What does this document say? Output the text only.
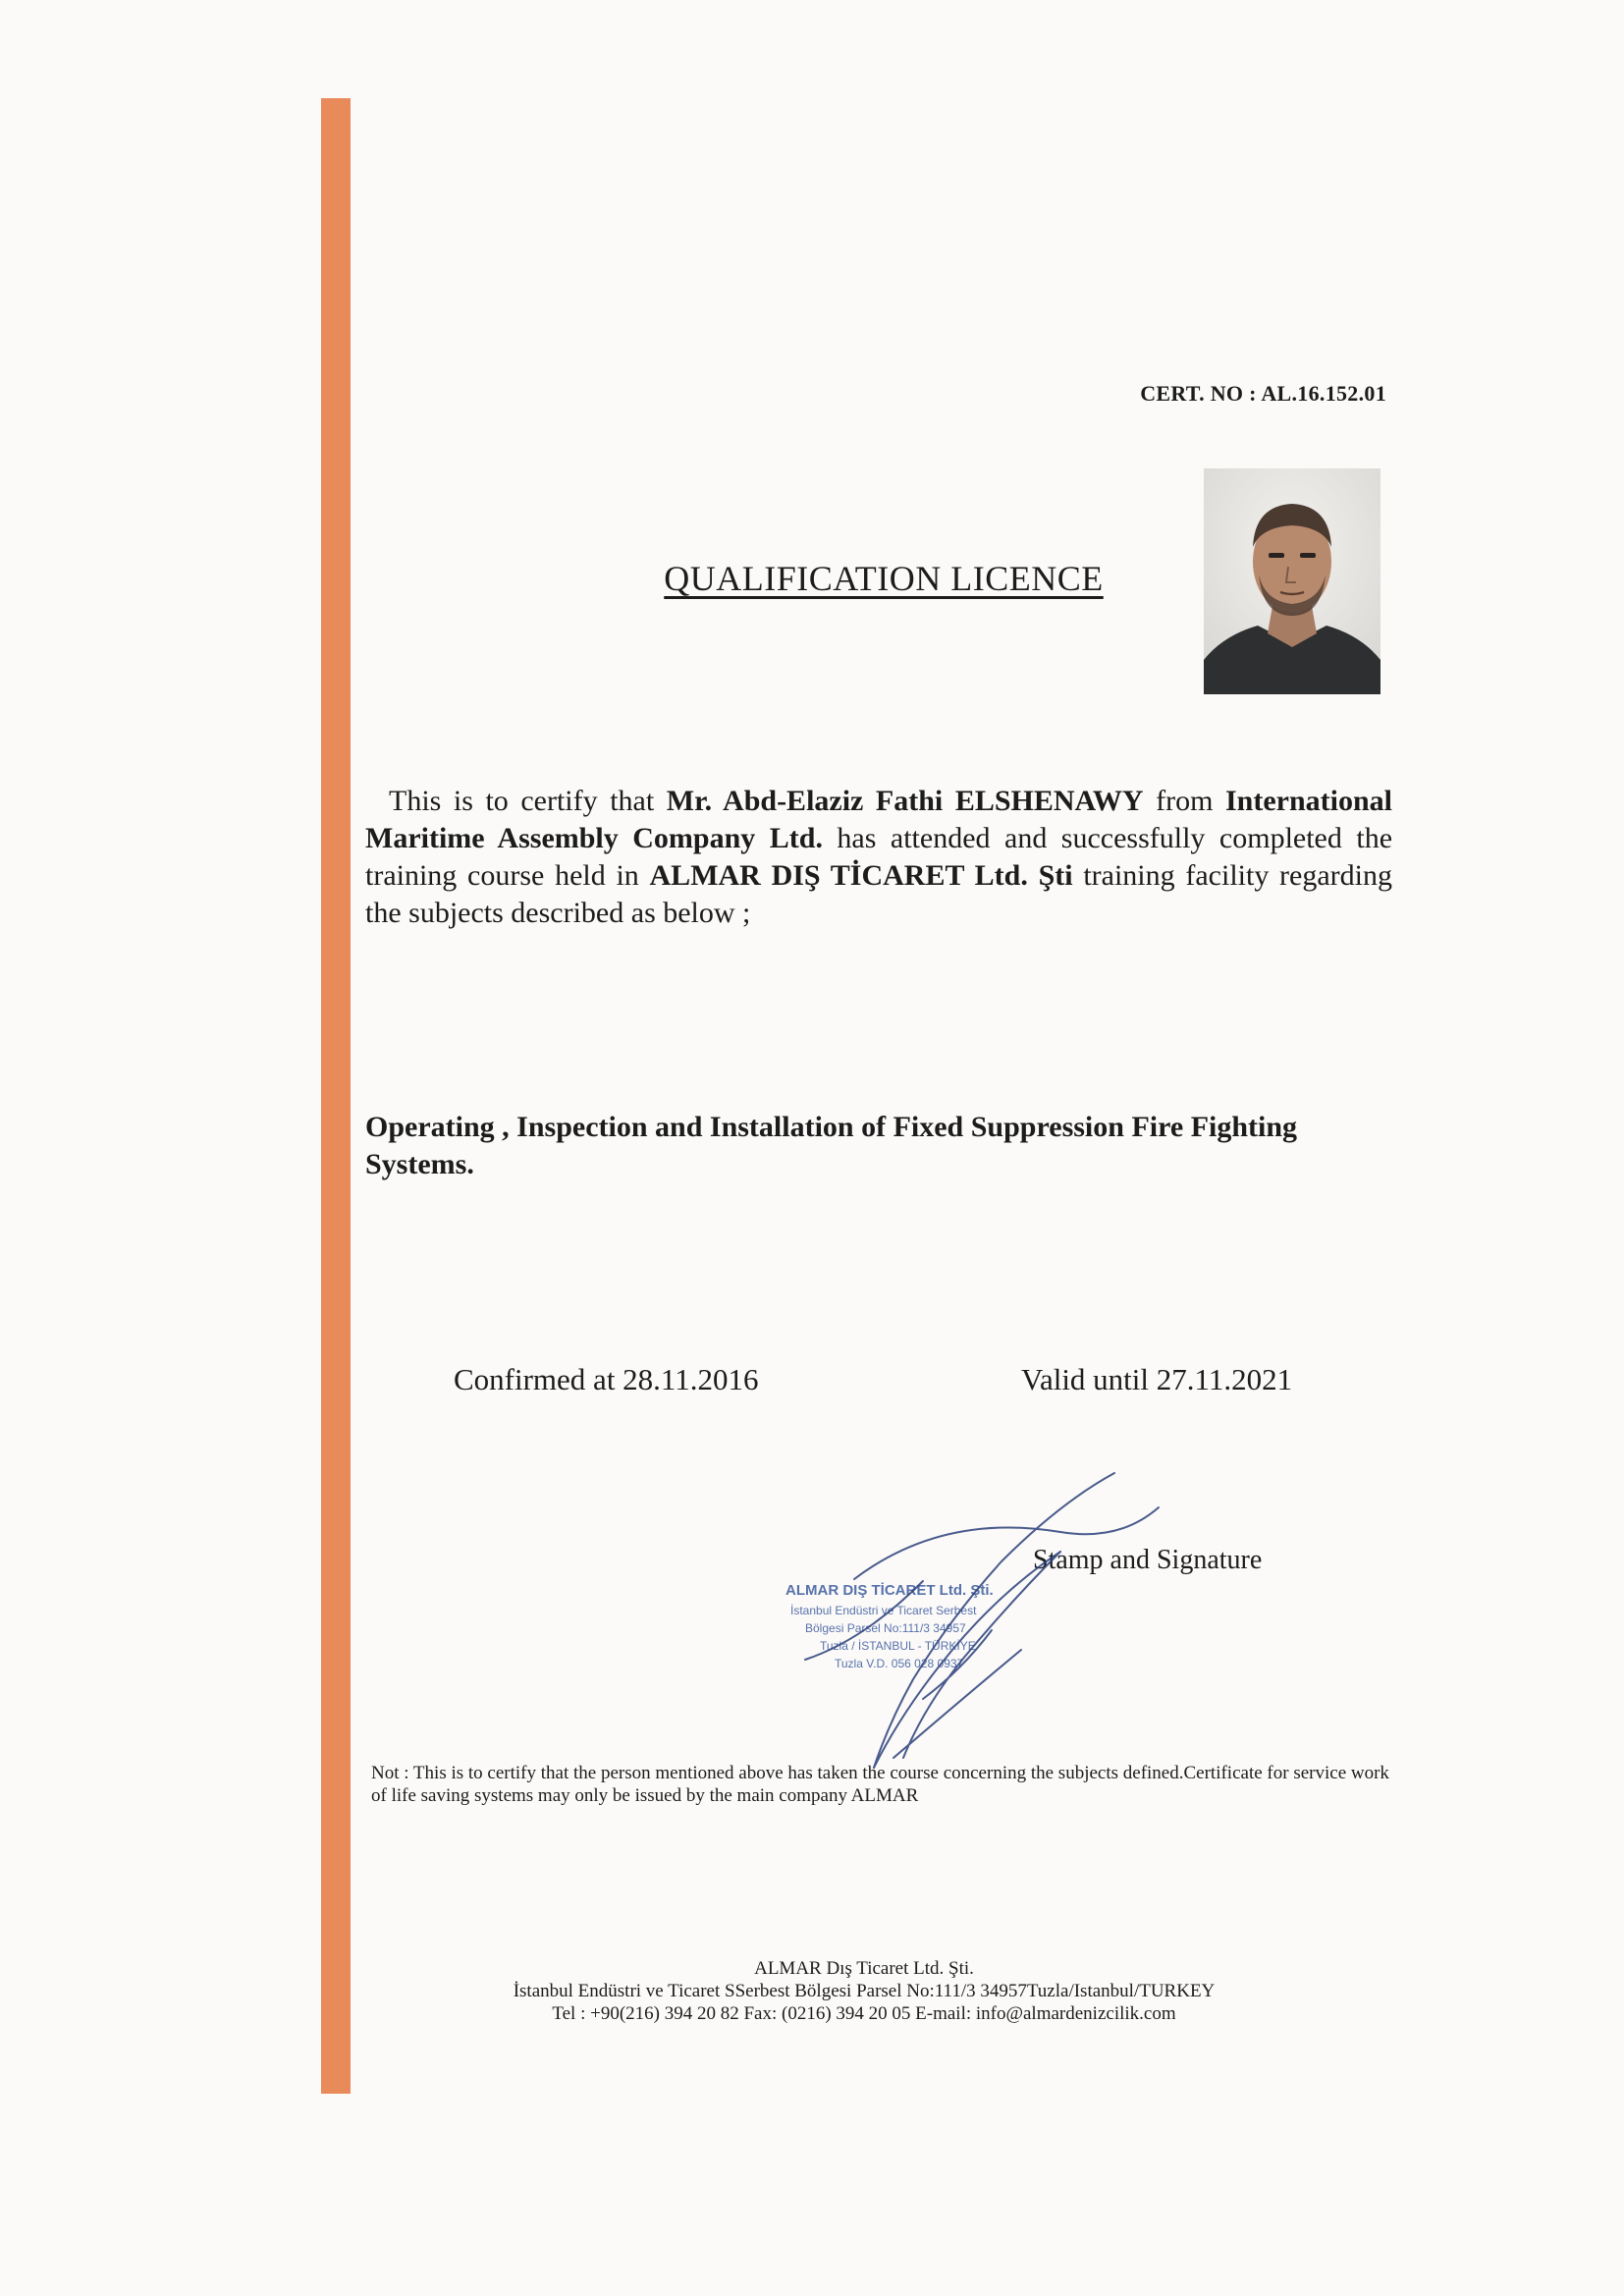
CERT. NO : AL.16.152.01
QUALIFICATION LICENCE
This is to certify that Mr. Abd-Elaziz Fathi ELSHENAWY from International Maritime Assembly Company Ltd. has attended and successfully completed the training course held in ALMAR DIŞ TİCARET Ltd. Şti training facility regarding the subjects described as below ;
Operating , Inspection and Installation of Fixed Suppression Fire Fighting Systems.
Confirmed at 28.11.2016	Valid until 27.11.2021
Stamp and Signature
ALMAR DIŞ TİCARET Ltd. Şti.
İstanbul Endüstri ve Ticaret Serbest
Bölgesi Parsel No:111/3 34957
Tuzla / İSTANBUL - TÜRKİYE
Tuzla V.D. 056 028 0937
Not : This is to certify that the person mentioned above has taken the course concerning the subjects defined.Certificate for service work of life saving systems may only be issued by the main company ALMAR
ALMAR Dış Ticaret Ltd. Şti.
İstanbul Endüstri ve Ticaret SSerbest Bölgesi Parsel No:111/3 34957Tuzla/Istanbul/TURKEY
Tel : +90(216) 394 20 82 Fax: (0216) 394 20 05 E-mail: info@almardenizcilik.com
